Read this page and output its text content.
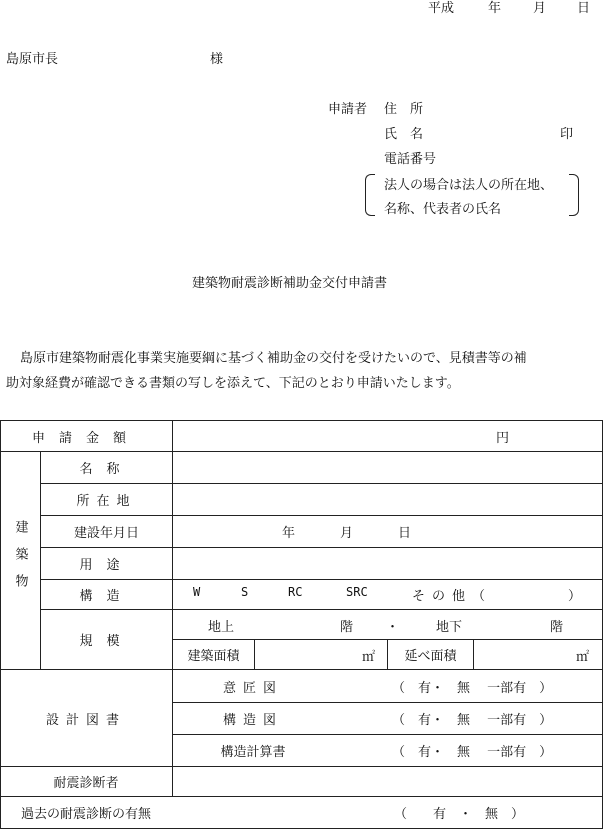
平成	年 月 日
島原市長	様
申請者 住　所
氏　名	印
電話番号
法人の場合は法人の所在地、
名称、代表者の氏名
建築物耐震診断補助金交付申請書
島原市建築物耐震化事業実施要綱に基づく補助金の交付を受けたいので、見積書等の補
助対象経費が確認できる書類の写しを添えて、下記のとおり申請いたします。
申請金額	円
建築物
名称
所在地
建設年月日	年	月	日
用途
構造	W	S	RC	SRC	その他（	）
規模
地上	階	・	地下	階
建築面積	㎡	延べ面積	㎡
設計図書
意匠図	（　有・　無　 一部有　）
構造図	（　有・　無　 一部有　）
構造計算書	（　有・　無　 一部有　）
耐震診断者
過去の耐震診断の有無	（　　有　・　無　）
